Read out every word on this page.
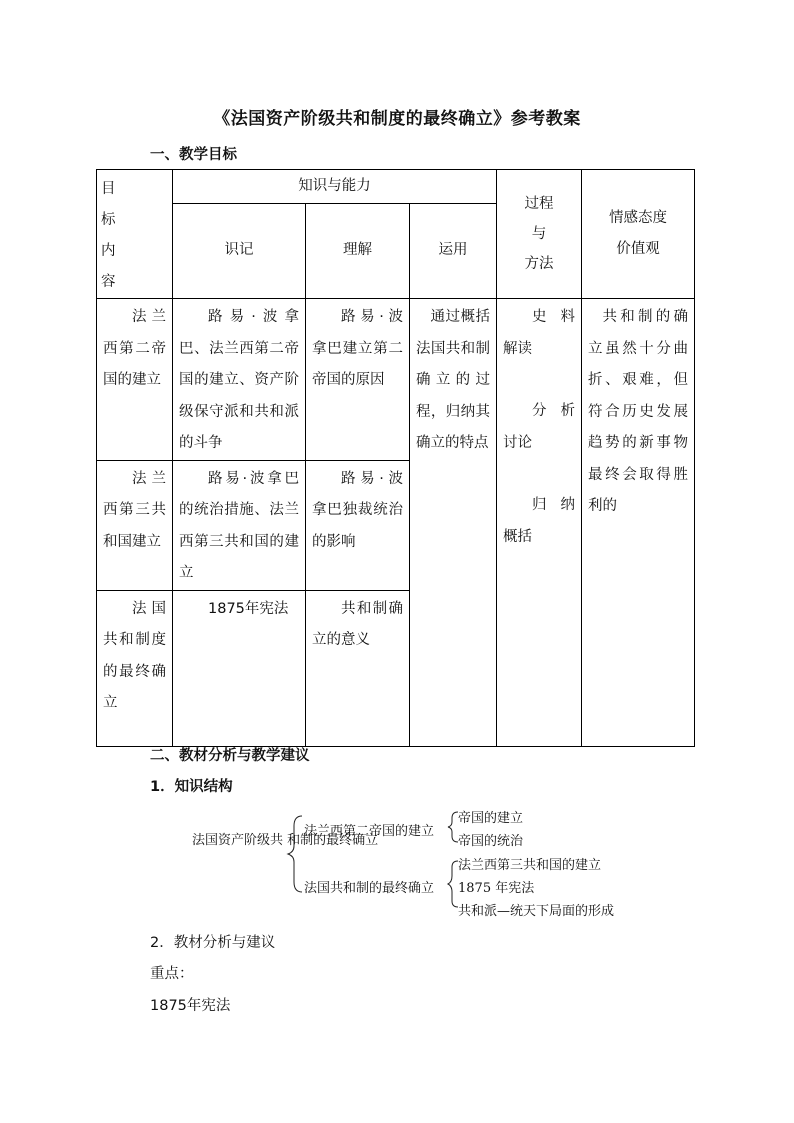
《法国资产阶级共和制度的最终确立》参考教案
一、教学目标
目
标
内
容	知识与能力			过程
与
方法	情感态度
价值观

	识记	理解	运用		

法兰西第二帝国的建立	路易·波拿巴、法兰西第二帝国的建立、资产阶级保守派和共和派的斗争	路易·波拿巴建立第二帝国的原因	通过概括法国共和制确立的过程，归纳其确立的特点	史料解读
分析讨论
归纳概括	共和制的确立虽然十分曲折、艰难，但符合历史发展趋势的新事物最终会取得胜利的

法兰西第三共和国建立	路易·波拿巴的统治措施、法兰西第三共和国的建立	路易·波拿巴独裁统治的影响			

法国共和制度的最终确立	1875年宪法	共和制确立的意义			
二、教材分析与教学建议
1．知识结构
法国资产阶级共 和制的最终确立
法兰西第二帝国的建立
帝国的建立
帝国的统治
法国共和制的最终确立
法兰西第三共和国的建立
1875 年宪法
共和派—统天下局面的形成
2．教材分析与建议
重点：
1875年宪法
